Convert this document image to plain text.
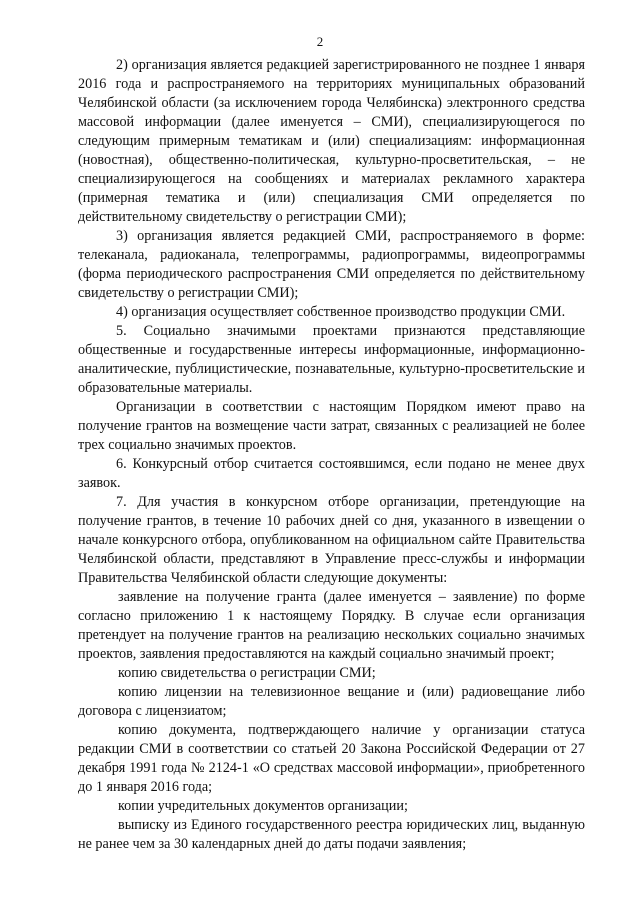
2

2) организация является редакцией зарегистрированного не позднее 1 января 2016 года и распространяемого на территориях муниципальных образований Челябинской области (за исключением города Челябинска) электронного средства массовой информации (далее именуется – СМИ), специализирующегося по следующим примерным тематикам и (или) специализациям: информационная (новостная), общественно-политическая, культурно-просветительская, – не специализирующегося на сообщениях и материалах рекламного характера (примерная тематика и (или) специализация СМИ определяется по действительному свидетельству о регистрации СМИ);

3) организация является редакцией СМИ, распространяемого в форме: телеканала, радиоканала, телепрограммы, радиопрограммы, видеопрограммы (форма периодического распространения СМИ определяется по действительному свидетельству о регистрации СМИ);

4) организация осуществляет собственное производство продукции СМИ.

5. Социально значимыми проектами признаются представляющие общественные и государственные интересы информационные, информационно-аналитические, публицистические, познавательные, культурно-просветительские и образовательные материалы.

Организации в соответствии с настоящим Порядком имеют право на получение грантов на возмещение части затрат, связанных с реализацией не более трех социально значимых проектов.

6. Конкурсный отбор считается состоявшимся, если подано не менее двух заявок.

7. Для участия в конкурсном отборе организации, претендующие на получение грантов, в течение 10 рабочих дней со дня, указанного в извещении о начале конкурсного отбора, опубликованном на официальном сайте Правительства Челябинской области, представляют в Управление пресс-службы и информации Правительства Челябинской области следующие документы:

заявление на получение гранта (далее именуется – заявление) по форме согласно приложению 1 к настоящему Порядку. В случае если организация претендует на получение грантов на реализацию нескольких социально значимых проектов, заявления предоставляются на каждый социально значимый проект;

копию свидетельства о регистрации СМИ;

копию лицензии на телевизионное вещание и (или) радиовещание либо договора с лицензиатом;

копию документа, подтверждающего наличие у организации статуса редакции СМИ в соответствии со статьей 20 Закона Российской Федерации от 27 декабря 1991 года № 2124-1 «О средствах массовой информации», приобретенного до 1 января 2016 года;

копии учредительных документов организации;

выписку из Единого государственного реестра юридических лиц, выданную не ранее чем за 30 календарных дней до даты подачи заявления;
